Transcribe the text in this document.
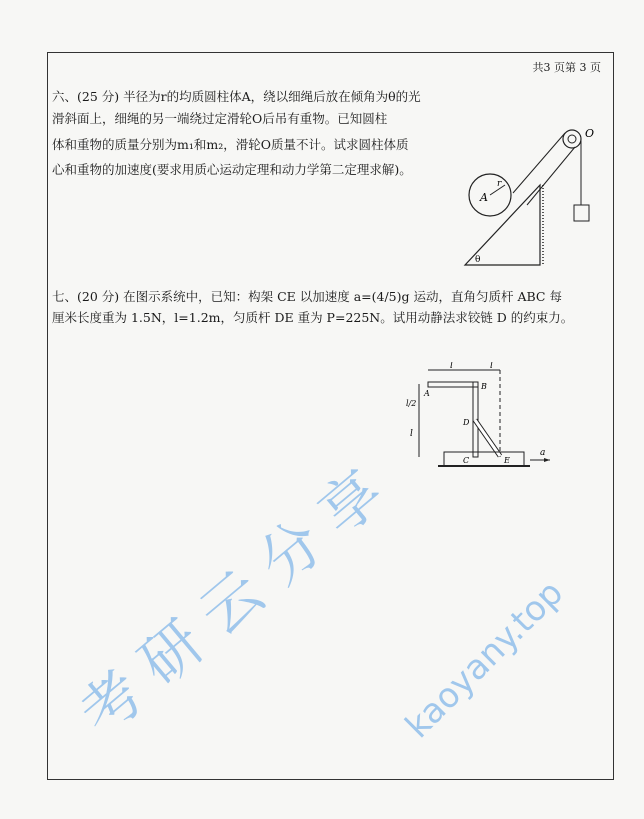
共3 页第 3 页
六、(25 分) 半径为r的均质圆柱体A，绕以细绳后放在倾角为θ的光
滑斜面上，细绳的另一端绕过定滑轮O后吊有重物。已知圆柱
体和重物的质量分别为m₁和m₂，滑轮O质量不计。试求圆柱体质
心和重物的加速度(要求用质心运动定理和动力学第二定理求解)。
A
r
O
θ
七、(20 分) 在图示系统中，已知：构架 CE 以加速度 a=(4/5)g 运动，直角匀质杆 ABC 每
厘米长度重为 1.5N，l=1.2m，匀质杆 DE 重为 P=225N。试用动静法求铰链 D 的约束力。
l	l
l/2
l
A
B
D
C	E
a
考研云分享
kaoyany.top
